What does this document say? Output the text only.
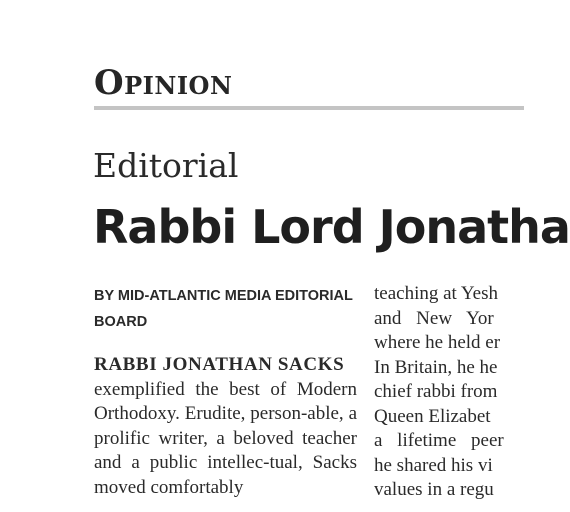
Opinion
Editorial
Rabbi Lord Jonatha

BY MID-ATLANTIC MEDIA EDITORIAL BOARD

RABBI JONATHAN SACKS
exemplified the best of Modern Orthodoxy. Erudite, person-able, a prolific writer, a beloved teacher and a public intellec-tual, Sacks moved comfortably

teaching at Yesh
and New Yor
where he held er
In Britain, he he
chief rabbi from
Queen Elizabet
a lifetime peer
he shared his vi
values in a regu
